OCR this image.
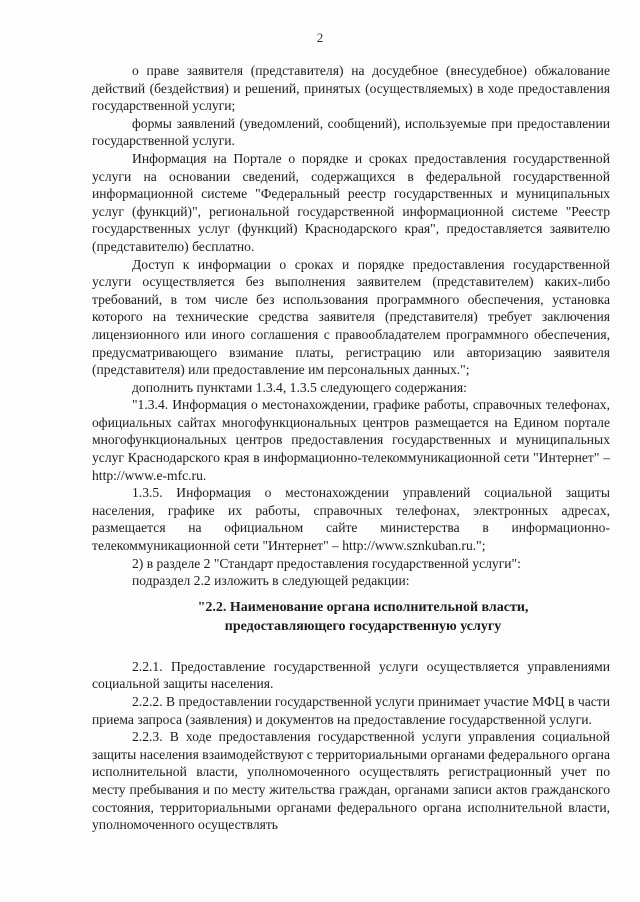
2

о праве заявителя (представителя) на досудебное (внесудебное) обжалование действий (бездействия) и решений, принятых (осуществляемых) в ходе предоставления государственной услуги;

формы заявлений (уведомлений, сообщений), используемые при предоставлении государственной услуги.

Информация на Портале о порядке и сроках предоставления государственной услуги на основании сведений, содержащихся в федеральной государственной информационной системе "Федеральный реестр государственных и муниципальных услуг (функций)", региональной государственной информационной системе "Реестр государственных услуг (функций) Краснодарского края", предоставляется заявителю (представителю) бесплатно.

Доступ к информации о сроках и порядке предоставления государственной услуги осуществляется без выполнения заявителем (представителем) каких-либо требований, в том числе без использования программного обеспечения, установка которого на технические средства заявителя (представителя) требует заключения лицензионного или иного соглашения с правообладателем программного обеспечения, предусматривающего взимание платы, регистрацию или авторизацию заявителя (представителя) или предоставление им персональных данных.";

дополнить пунктами 1.3.4, 1.3.5 следующего содержания:

"1.3.4. Информация о местонахождении, графике работы, справочных телефонах, официальных сайтах многофункциональных центров размещается на Едином портале многофункциональных центров предоставления государственных и муниципальных услуг Краснодарского края в информационно-телекоммуникационной сети "Интернет" – http://www.e-mfc.ru.

1.3.5. Информация о местонахождении управлений социальной защиты населения, графике их работы, справочных телефонах, электронных адресах, размещается на официальном сайте министерства в информационно-телекоммуникационной сети "Интернет" – http://www.sznkuban.ru.";

2) в разделе 2 "Стандарт предоставления государственной услуги":

подраздел 2.2 изложить в следующей редакции:

"2.2. Наименование органа исполнительной власти,
предоставляющего государственную услугу

2.2.1. Предоставление государственной услуги осуществляется управлениями социальной защиты населения.

2.2.2. В предоставлении государственной услуги принимает участие МФЦ в части приема запроса (заявления) и документов на предоставление государственной услуги.

2.2.3. В ходе предоставления государственной услуги управления социальной защиты населения взаимодействуют с территориальными органами федерального органа исполнительной власти, уполномоченного осуществлять регистрационный учет по месту пребывания и по месту жительства граждан, органами записи актов гражданского состояния, территориальными органами федерального органа исполнительной власти, уполномоченного осуществлять
